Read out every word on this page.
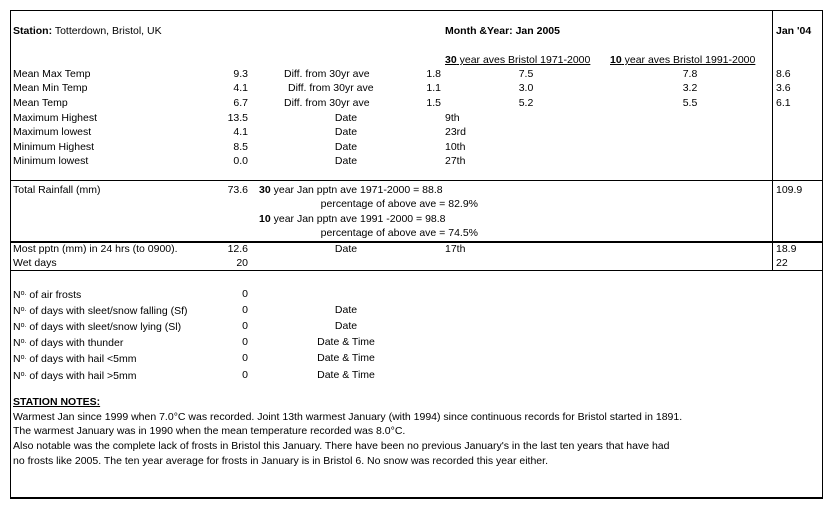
Station: Totterdown, Bristol, UK	Month &Year: Jan 2005	Jan '04
30 year aves Bristol 1971-2000 10 year aves Bristol 1991-2000
Mean Max Temp	9.3	Diff. from 30yr ave	1.8	7.5	7.8	8.6
Mean Min Temp	4.1	Diff. from 30yr ave	1.1	3.0	3.2	3.6
Mean Temp	6.7	Diff. from 30yr ave	1.5	5.2	5.5	6.1
Maximum Highest	13.5	Date	9th
Maximum lowest	4.1	Date	23rd
Minimum Highest	8.5	Date	10th
Minimum lowest	0.0	Date	27th
Total Rainfall (mm)	73.6	109.9
30 year Jan pptn ave 1971-2000 = 88.8
percentage of above ave = 82.9%
10 year Jan pptn ave 1991 -2000 = 98.8
percentage of above ave = 74.5%
Most pptn (mm) in 24 hrs (to 0900).	12.6	Date	17th	18.9
Wet days	20	22
$N^{o.}$ of air frosts	0
$N^{o.}$ of days with sleet/snow falling (Sf)	0	Date
$N^{o.}$ of days with sleet/snow lying (Sl)	0	Date
$N^{o.}$ of days with thunder	0	Date & Time
$N^{o.}$ of days with hail <5mm	0	Date & Time
$N^{o.}$ of days with hail >5mm	0	Date & Time
STATION NOTES:
Warmest Jan since 1999 when 7.0°C was recorded. Joint 13th warmest January (with 1994) since continuous records for Bristol started in 1891.
The warmest January was in 1990 when the mean temperature recorded was 8.0°C.
Also notable was the complete lack of frosts in Bristol this January. There have been no previous January's in the last ten years that have had
no frosts like 2005. The ten year average for frosts in January is in Bristol 6. No snow was recorded this year either.
